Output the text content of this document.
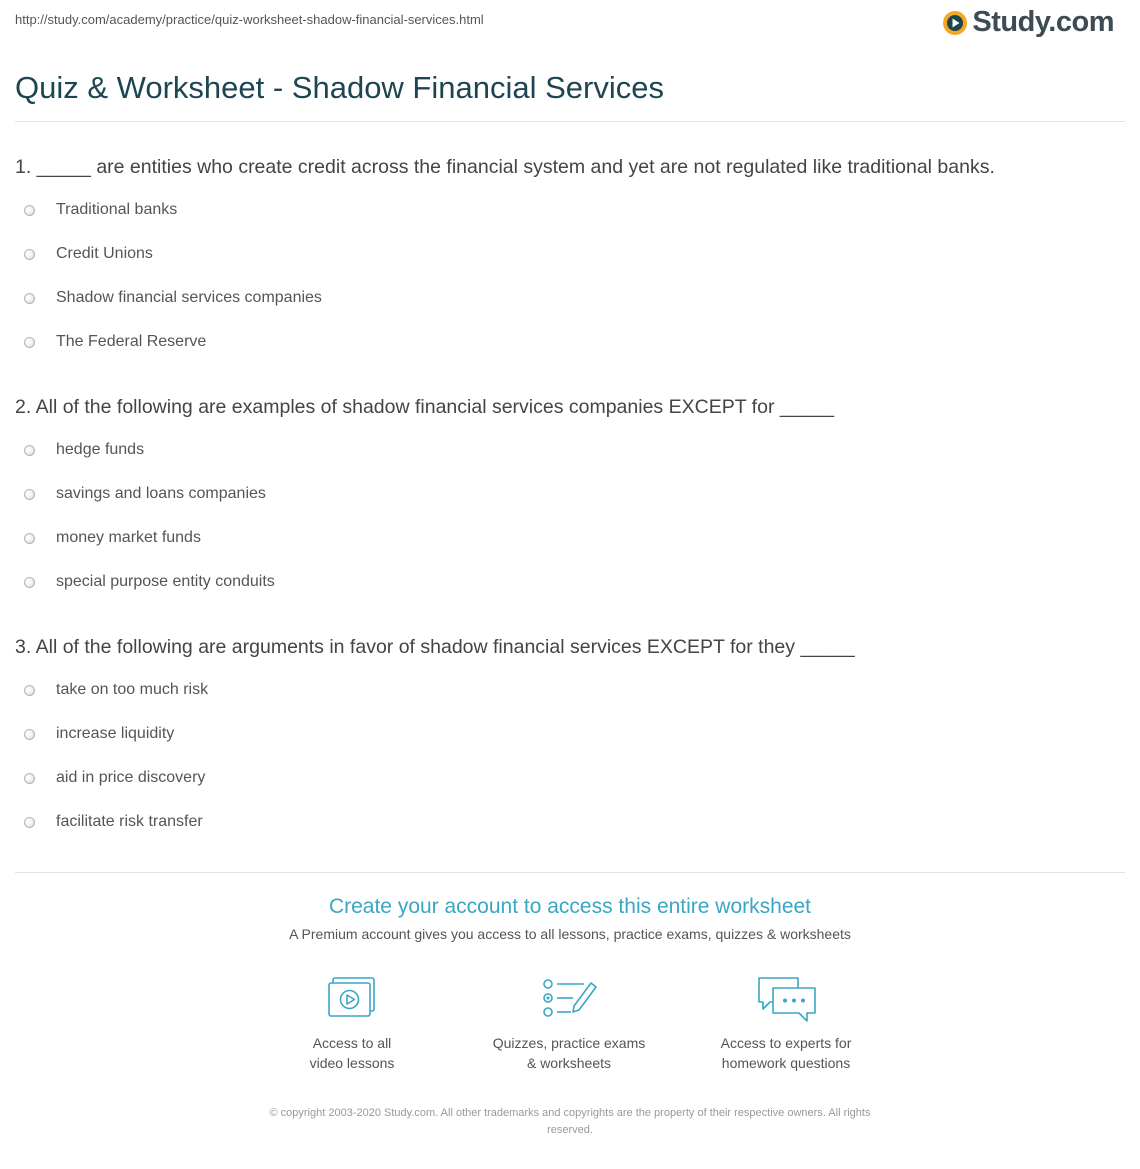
http://study.com/academy/practice/quiz-worksheet-shadow-financial-services.html	Study.com
Quiz & Worksheet - Shadow Financial Services

1. _____ are entities who create credit across the financial system and yet are not regulated like traditional banks.

Traditional banks
Credit Unions
Shadow financial services companies
The Federal Reserve

2. All of the following are examples of shadow financial services companies EXCEPT for _____

hedge funds
savings and loans companies
money market funds
special purpose entity conduits

3. All of the following are arguments in favor of shadow financial services EXCEPT for they _____

take on too much risk
increase liquidity
aid in price discovery
facilitate risk transfer
Create your account to access this entire worksheet
A Premium account gives you access to all lessons, practice exams, quizzes & worksheets
Access to all
video lessons
Quizzes, practice exams
& worksheets
Access to experts for
homework questions
© copyright 2003-2020 Study.com. All other trademarks and copyrights are the property of their respective owners. All rights
reserved.
